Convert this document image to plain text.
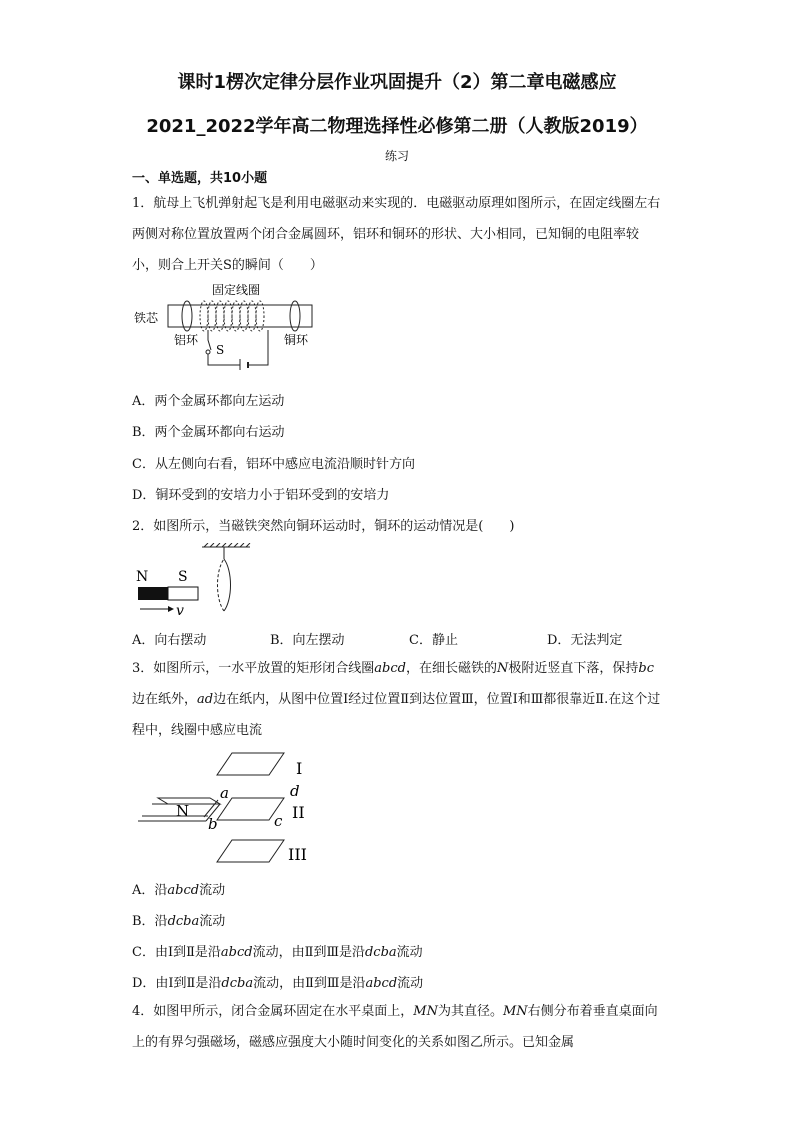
课时1楞次定律分层作业巩固提升（2）第二章电磁感应
2021_2022学年高二物理选择性必修第二册（人教版2019）
练习
一、单选题，共10小题
1．航母上飞机弹射起飞是利用电磁驱动来实现的．电磁驱动原理如图所示，在固定线圈左右两侧对称位置放置两个闭合金属圆环，铝环和铜环的形状、大小相同，已知铜的电阻率较小，则合上开关S的瞬间（　　）
固定线圈
铁芯
铝环	铜环
S
A．两个金属环都向左运动
B．两个金属环都向右运动
C．从左侧向右看，铝环中感应电流沿顺时针方向
D．铜环受到的安培力小于铝环受到的安培力
2．如图所示，当磁铁突然向铜环运动时，铜环的运动情况是(　　)
N S
v
A．向右摆动	B．向左摆动	C．静止	D．无法判定
3．如图所示，一水平放置的矩形闭合线圈abcd，在细长磁铁的N极附近竖直下落，保持bc边在纸外，ad边在纸内，从图中位置Ⅰ经过位置Ⅱ到达位置Ⅲ，位置Ⅰ和Ⅲ都很靠近Ⅱ.在这个过程中，线圈中感应电流
N
I
II
III
a
b	c
d
A．沿abcd流动
B．沿dcba流动
C．由Ⅰ到Ⅱ是沿abcd流动，由Ⅱ到Ⅲ是沿dcba流动
D．由Ⅰ到Ⅱ是沿dcba流动，由Ⅱ到Ⅲ是沿abcd流动
4．如图甲所示，闭合金属环固定在水平桌面上，MN为其直径。MN右侧分布着垂直桌面向上的有界匀强磁场，磁感应强度大小随时间变化的关系如图乙所示。已知金属
